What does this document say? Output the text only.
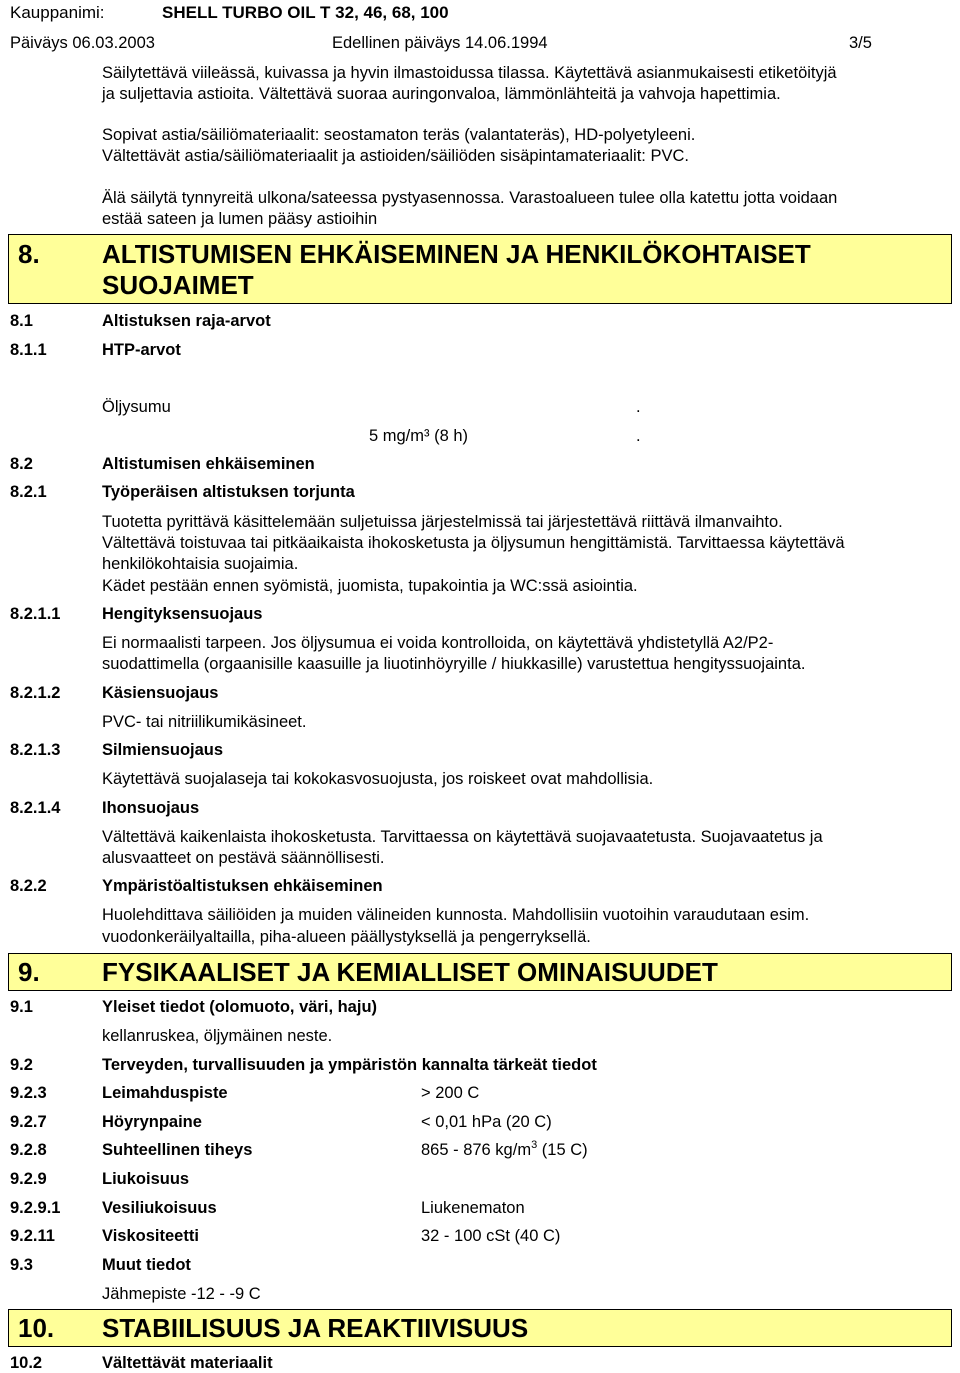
Kauppanimi:	SHELL TURBO OIL T 32, 46, 68, 100
Päiväys 06.03.2003	Edellinen päiväys 14.06.1994	3/5
Säilytettävä viileässä, kuivassa ja hyvin ilmastoidussa tilassa. Käytettävä asianmukaisesti etiketöityjä
ja suljettavia astioita. Vältettävä suoraa auringonvaloa, lämmönlähteitä ja vahvoja hapettimia.
Sopivat astia/säiliömateriaalit: seostamaton teräs (valantateräs), HD-polyetyleeni.
Vältettävät astia/säiliömateriaalit ja astioiden/säiliöden sisäpintamateriaalit: PVC.
Älä säilytä tynnyreitä ulkona/sateessa pystyasennossa. Varastoalueen tulee olla katettu jotta voidaan
estää sateen ja lumen pääsy astioihin
8. ALTISTUMISEN EHKÄISEMINEN JA HENKILÖKOHTAISET
SUOJAIMET
8.1	Altistuksen raja-arvot
8.1.1	HTP-arvot
Öljysumu	.
5 mg/m³ (8 h)	.
8.2	Altistumisen ehkäiseminen
8.2.1	Työperäisen altistuksen torjunta
Tuotetta pyrittävä käsittelemään suljetuissa järjestelmissä tai järjestettävä riittävä ilmanvaihto.
Vältettävä toistuvaa tai pitkäaikaista ihokosketusta ja öljysumun hengittämistä. Tarvittaessa käytettävä
henkilökohtaisia suojaimia.
Kädet pestään ennen syömistä, juomista, tupakointia ja WC:ssä asiointia.
8.2.1.1	Hengityksensuojaus
Ei normaalisti tarpeen. Jos öljysumua ei voida kontrolloida, on käytettävä yhdistetyllä A2/P2-
suodattimella (orgaanisille kaasuille ja liuotinhöyryille / hiukkasille) varustettua hengityssuojainta.
8.2.1.2	Käsiensuojaus
PVC- tai nitriilikumikäsineet.
8.2.1.3	Silmiensuojaus
Käytettävä suojalaseja tai kokokasvosuojusta, jos roiskeet ovat mahdollisia.
8.2.1.4	Ihonsuojaus
Vältettävä kaikenlaista ihokosketusta. Tarvittaessa on käytettävä suojavaatetusta. Suojavaatetus ja
alusvaatteet on pestävä säännöllisesti.
8.2.2	Ympäristöaltistuksen ehkäiseminen
Huolehdittava säiliöiden ja muiden välineiden kunnosta. Mahdollisiin vuotoihin varaudutaan esim.
vuodonkeräilyaltailla, piha-alueen päällystyksellä ja pengerryksellä.
9. FYSIKAALISET JA KEMIALLISET OMINAISUUDET
9.1	Yleiset tiedot (olomuoto, väri, haju)
kellanruskea, öljymäinen neste.
9.2	Terveyden, turvallisuuden ja ympäristön kannalta tärkeät tiedot
9.2.3	Leimahduspiste	> 200 C
9.2.7	Höyrynpaine	< 0,01 hPa (20 C)
9.2.8	Suhteellinen tiheys	865 - 876 $kg/m^3$ (15 C)
9.2.9	Liukoisuus
9.2.9.1	Vesiliukoisuus	Liukenematon
9.2.11	Viskositeetti	32 - 100 cSt (40 C)
9.3	Muut tiedot
Jähmepiste -12 - -9 C
10. STABIILISUUS JA REAKTIIVISUUS
10.2	Vältettävät materiaalit
